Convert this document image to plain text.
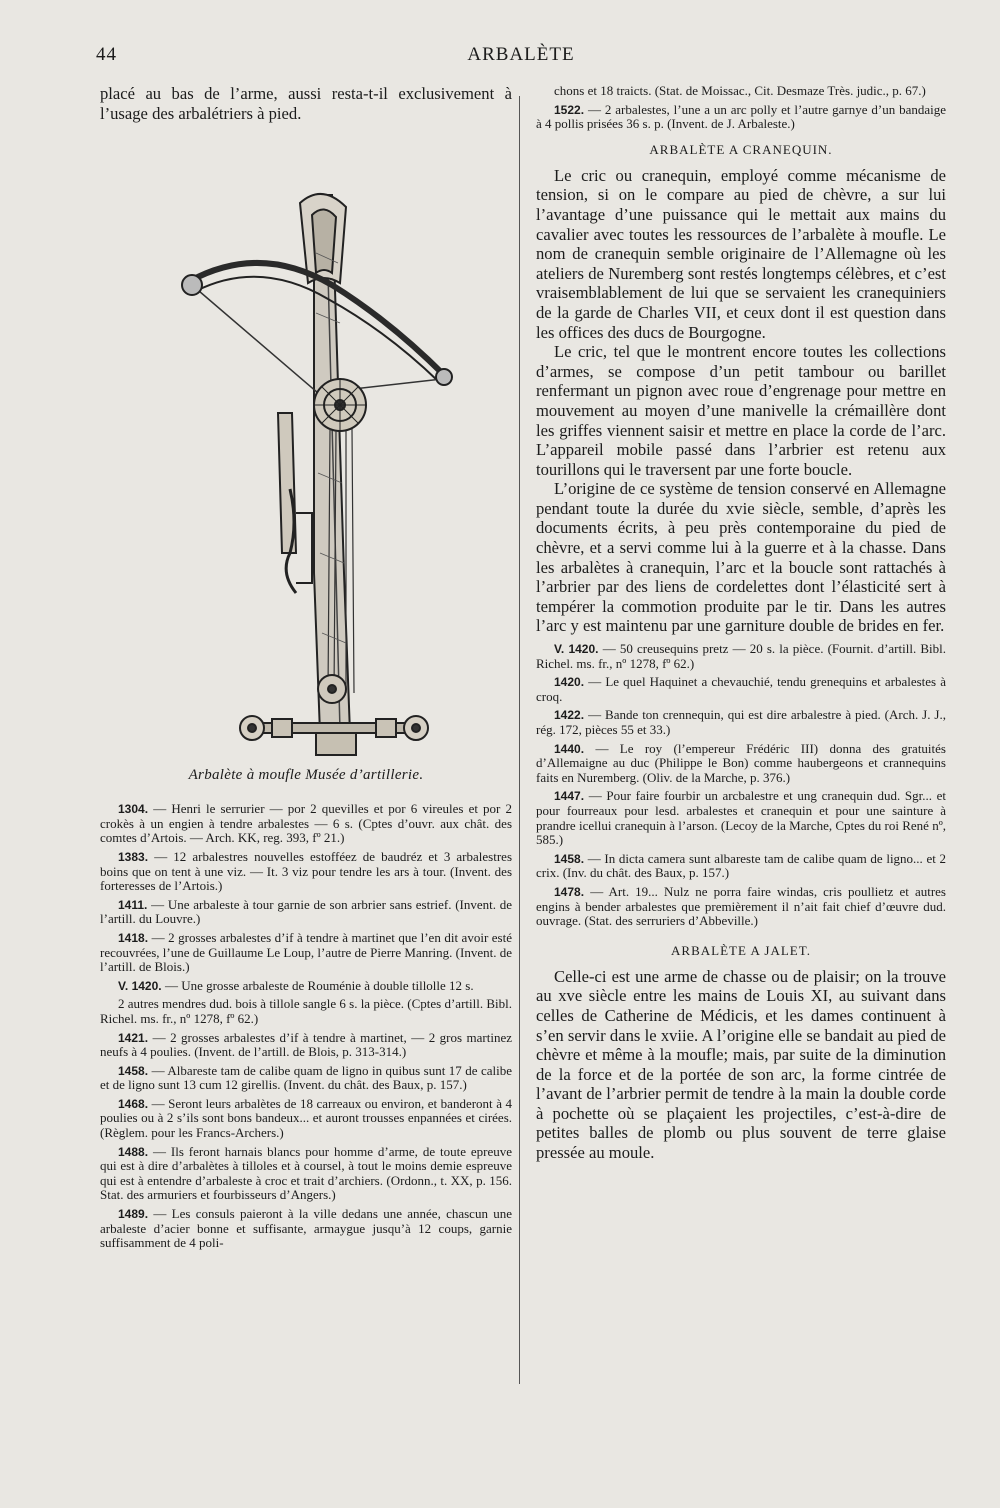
44	ARBALÈTE

placé au bas de l’arme, aussi resta-t-il exclusivement à l’usage des arbalétriers à pied.

Arbalète à moufle Musée d’artillerie.

1304. — Henri le serrurier — por 2 quevilles et por 6 vireules et por 2 crokès à un engien à tendre arbalestes — 6 s. (Cptes d’ouvr. aux chât. des comtes d’Artois. — Arch. KK, reg. 393, fº 21.)

1383. — 12 arbalestres nouvelles estofféez de baudréz et 3 arbalestres boins que on tent à une viz. — It. 3 viz pour tendre les ars à tour. (Invent. des forteresses de l’Artois.)

1411. — Une arbaleste à tour garnie de son arbrier sans estrief. (Invent. de l’artill. du Louvre.)

1418. — 2 grosses arbalestes d’if à tendre à martinet que l’en dit avoir esté recouvrées, l’une de Guillaume Le Loup, l’autre de Pierre Manring. (Invent. de l’artill. de Blois.)

V. 1420. — Une grosse arbaleste de Rouménie à double tillolle 12 s.

2 autres mendres dud. bois à tillole sangle 6 s. la pièce. (Cptes d’artill. Bibl. Richel. ms. fr., nº 1278, fº 62.)

1421. — 2 grosses arbalestes d’if à tendre à martinet, — 2 gros martinez neufs à 4 poulies. (Invent. de l’artill. de Blois, p. 313-314.)

1458. — Albareste tam de calibe quam de ligno in quibus sunt 17 de calibe et de ligno sunt 13 cum 12 girellis. (Invent. du chât. des Baux, p. 157.)

1468. — Seront leurs arbalètes de 18 carreaux ou environ, et banderont à 4 poulies ou à 2 s’ils sont bons bandeux... et auront trousses enpannées et cirées. (Règlem. pour les Francs-Archers.)

1488. — Ils feront harnais blancs pour homme d’arme, de toute epreuve qui est à dire d’arbalètes à tilloles et à coursel, à tout le moins demie espreuve qui est à entendre d’arbaleste à croc et trait d’archiers. (Ordonn., t. XX, p. 156. Stat. des armuriers et fourbisseurs d’Angers.)

1489. — Les consuls paieront à la ville dedans une année, chascun une arbaleste d’acier bonne et suffisante, armaygue jusqu’à 12 coups, garnie suffisamment de 4 poli-

chons et 18 traicts. (Stat. de Moissac., Cit. Desmaze Très. judic., p. 67.)

1522. — 2 arbalestes, l’une a un arc polly et l’autre garnye d’un bandaige à 4 pollis prisées 36 s. p. (Invent. de J. Arbaleste.)

ARBALÈTE A CRANEQUIN.

Le cric ou cranequin, employé comme mécanisme de tension, si on le compare au pied de chèvre, a sur lui l’avantage d’une puissance qui le mettait aux mains du cavalier avec toutes les ressources de l’arbalète à moufle. Le nom de cranequin semble originaire de l’Allemagne où les ateliers de Nuremberg sont restés longtemps célèbres, et c’est vraisemblablement de lui que se servaient les cranequiniers de la garde de Charles VII, et ceux dont il est question dans les offices des ducs de Bourgogne.

Le cric, tel que le montrent encore toutes les collections d’armes, se compose d’un petit tambour ou barillet renfermant un pignon avec roue d’engrenage pour mettre en mouvement au moyen d’une manivelle la crémaillère dont les griffes viennent saisir et mettre en place la corde de l’arc. L’appareil mobile passé dans l’arbrier est retenu aux tourillons qui le traversent par une forte boucle.

L’origine de ce système de tension conservé en Allemagne pendant toute la durée du xvie siècle, semble, d’après les documents écrits, à peu près contemporaine du pied de chèvre, et a servi comme lui à la guerre et à la chasse. Dans les arbalètes à cranequin, l’arc et la boucle sont rattachés à l’arbrier par des liens de cordelettes dont l’élasticité sert à tempérer la commotion produite par le tir. Dans les autres l’arc y est maintenu par une garniture double de brides en fer.

V. 1420. — 50 creusequins pretz — 20 s. la pièce. (Fournit. d’artill. Bibl. Richel. ms. fr., nº 1278, fº 62.)

1420. — Le quel Haquinet a chevauchié, tendu grenequins et arbalestes à croq.

1422. — Bande ton crennequin, qui est dire arbalestre à pied. (Arch. J. J., rég. 172, pièces 55 et 33.)

1440. — Le roy (l’empereur Frédéric III) donna des gratuités d’Allemaigne au duc (Philippe le Bon) comme haubergeons et crannequins faits en Nuremberg. (Oliv. de la Marche, p. 376.)

1447. — Pour faire fourbir un arcbalestre et ung cranequin dud. Sgr... et pour fourreaux pour lesd. arbalestes et cranequin et pour une sainture à prandre icellui cranequin à l’arson. (Lecoy de la Marche, Cptes du roi René nº, 585.)

1458. — In dicta camera sunt albareste tam de calibe quam de ligno... et 2 crix. (Inv. du chât. des Baux, p. 157.)

1478. — Art. 19... Nulz ne porra faire windas, cris poullietz et autres engins à bender arbalestes que premièrement il n’ait fait chief d’œuvre dud. ouvrage. (Stat. des serruriers d’Abbeville.)

ARBALÈTE A JALET.

Celle-ci est une arme de chasse ou de plaisir; on la trouve au xve siècle entre les mains de Louis XI, au suivant dans celles de Catherine de Médicis, et les dames continuent à s’en servir dans le xviie. A l’origine elle se bandait au pied de chèvre et même à la moufle; mais, par suite de la diminution de la force et de la portée de son arc, la forme cintrée de l’avant de l’arbrier permit de tendre à la main la double corde à pochette où se plaçaient les projectiles, c’est-à-dire de petites balles de plomb ou plus souvent de terre glaise pressée au moule.
